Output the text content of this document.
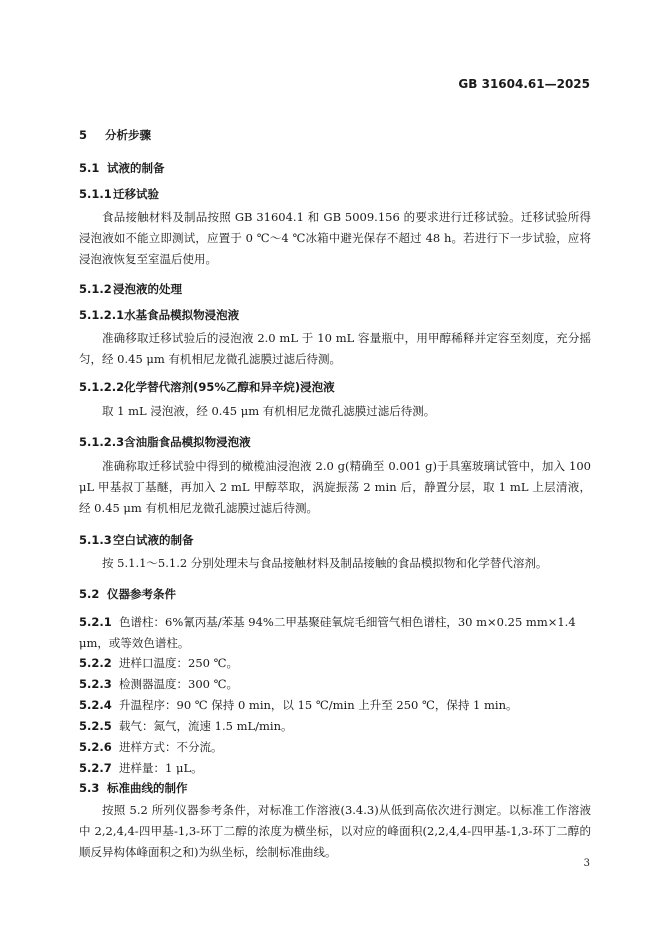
GB 31604.61—2025
5 分析步骤
5.1 试液的制备
5.1.1迁移试验
食品接触材料及制品按照 GB 31604.1 和 GB 5009.156 的要求进行迁移试验。迁移试验所得浸泡液如不能立即测试，应置于 0 ℃～4 ℃冰箱中避光保存不超过 48 h。若进行下一步试验，应将浸泡液恢复至室温后使用。
5.1.2浸泡液的处理
5.1.2.1水基食品模拟物浸泡液
准确移取迁移试验后的浸泡液 2.0 mL 于 10 mL 容量瓶中，用甲醇稀释并定容至刻度，充分摇匀，经 0.45 μm 有机相尼龙微孔滤膜过滤后待测。
5.1.2.2化学替代溶剂(95%乙醇和异辛烷)浸泡液
取 1 mL 浸泡液，经 0.45 μm 有机相尼龙微孔滤膜过滤后待测。
5.1.2.3含油脂食品模拟物浸泡液
准确称取迁移试验中得到的橄榄油浸泡液 2.0 g(精确至 0.001 g)于具塞玻璃试管中，加入 100 μL 甲基叔丁基醚，再加入 2 mL 甲醇萃取，涡旋振荡 2 min 后，静置分层，取 1 mL 上层清液，经 0.45 μm 有机相尼龙微孔滤膜过滤后待测。
5.1.3空白试液的制备
按 5.1.1～5.1.2 分别处理未与食品接触材料及制品接触的食品模拟物和化学替代溶剂。
5.2 仪器参考条件
5.2.1 色谱柱：6%氰丙基/苯基 94%二甲基聚硅氧烷毛细管气相色谱柱，30 m×0.25 mm×1.4 μm，或等效色谱柱。
5.2.2 进样口温度：250 ℃。
5.2.3 检测器温度：300 ℃。
5.2.4 升温程序：90 ℃ 保持 0 min，以 15 ℃/min 上升至 250 ℃，保持 1 min。
5.2.5 载气：氮气，流速 1.5 mL/min。
5.2.6 进样方式：不分流。
5.2.7 进样量：1 μL。
5.3 标准曲线的制作
按照 5.2 所列仪器参考条件，对标准工作溶液(3.4.3)从低到高依次进行测定。以标准工作溶液中 2,2,4,4-四甲基-1,3-环丁二醇的浓度为横坐标，以对应的峰面积(2,2,4,4-四甲基-1,3-环丁二醇的顺反异构体峰面积之和)为纵坐标，绘制标准曲线。
3
